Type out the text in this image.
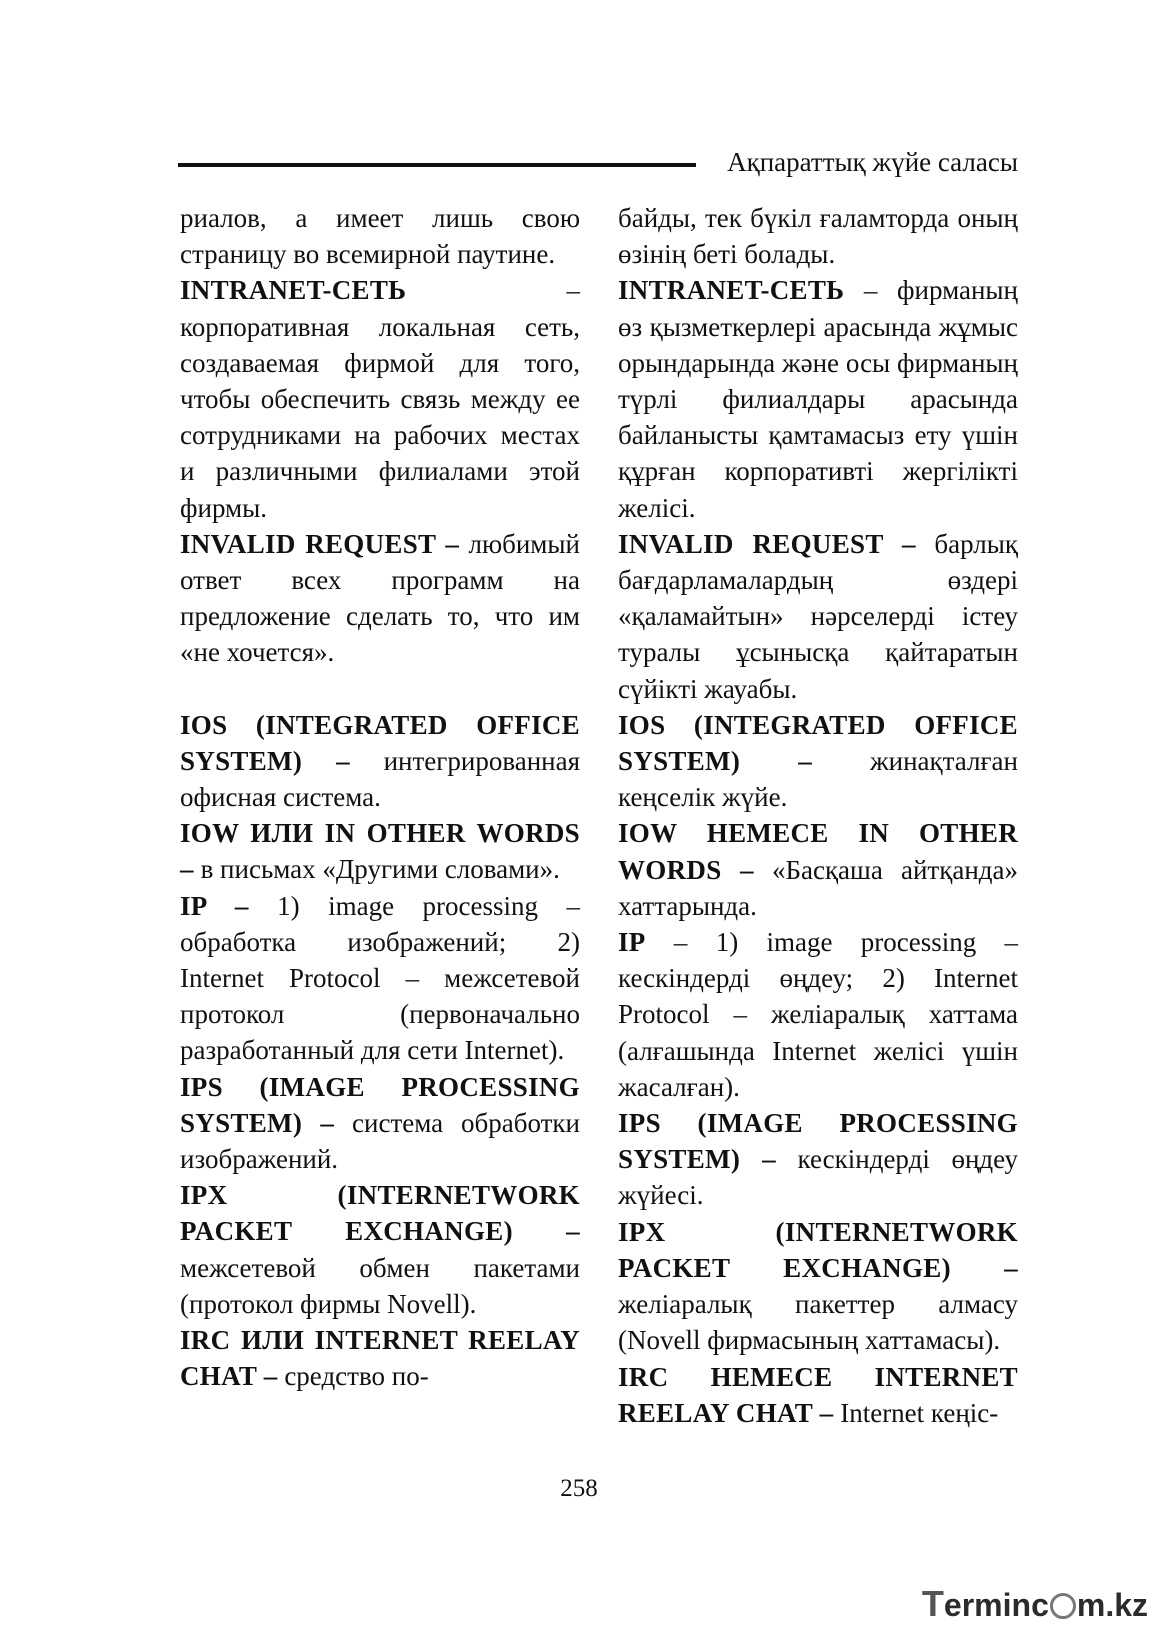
Ақпараттық жүйе саласы

риалов, а имеет лишь свою страницу во всемирной паутине.

INTRANET-СЕТЬ – корпоративная локальная сеть, создаваемая фирмой для того, чтобы обеспечить связь между ее сотрудниками на рабочих местах и различными филиалами этой фирмы.

INVALID REQUEST – любимый ответ всех программ на предложение сделать то, что им «не хочется».

IOS (INTEGRATED OFFICE SYSTEM) – интегрированная офисная система.

IOW ИЛИ IN OTHER WORDS – в письмах «Другими словами».

IP – 1) image processing – обработка изображений; 2) Internet Protocol – межсетевой протокол (первоначально разработанный для сети Internet).

IPS (IMAGE PROCESSING SYSTEM) – система обработки изображений.

IPX (INTERNETWORK PACKET EXCHANGE) – межсетевой обмен пакетами (протокол фирмы Novell).

IRC ИЛИ INTERNET REELAY CHAT – средство по-

байды, тек бүкіл ғаламторда оның өзінің беті болады.

INTRANET-СЕТЬ – фирманың өз қызметкерлері арасында жұмыс орындарында және осы фирманың түрлі филиалдары арасында байланысты қамтамасыз ету үшін құрған корпоративті жергілікті желісі.

INVALID REQUEST – барлық бағдарламалардың өздері «қаламайтын» нәрселерді істеу туралы ұсынысқа қайтаратын сүйікті жауабы.

IOS (INTEGRATED OFFICE SYSTEM) – жинақталған кеңселік жүйе.

IOW НЕМЕСЕ IN OTHER WORDS – «Басқаша айтқанда» хаттарында.

IP – 1) image processing – кескіндерді өңдеу; 2) Internet Protocol – желіаралық хаттама (алғашында Internet желісі үшін жасалған).

IPS (IMAGE PROCESSING SYSTEM) – кескіндерді өңдеу жүйесі.

IPX (INTERNETWORK PACKET EXCHANGE) – желіаралық пакеттер алмасу (Novell фирмасының хаттамасы).

IRC НЕМЕСЕ INTERNET REELAY CHAT – Internet кеңіс-

258
Terminc m.kz
